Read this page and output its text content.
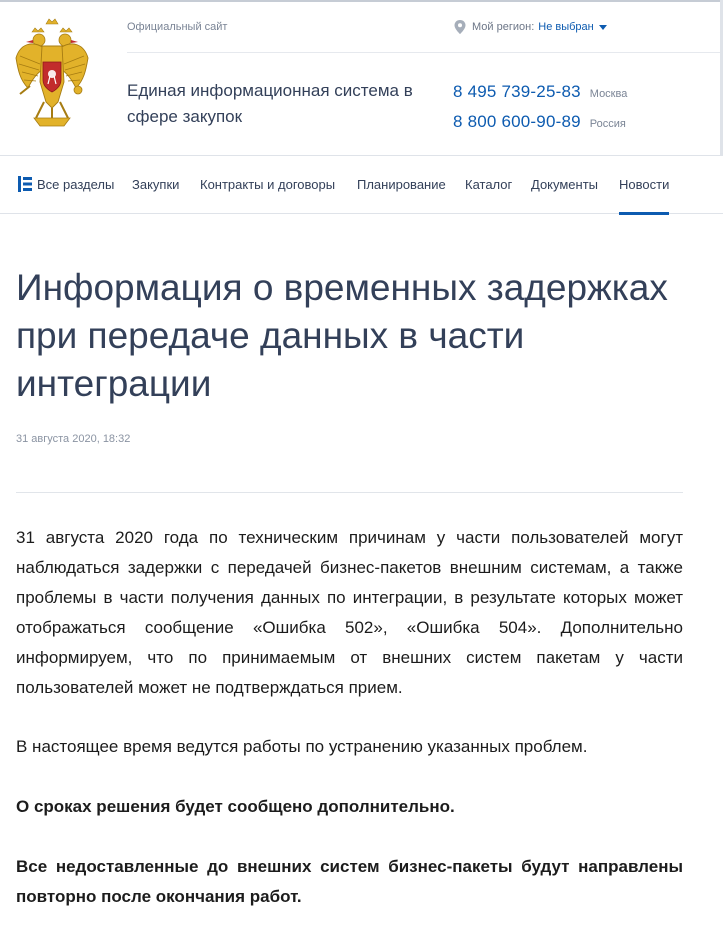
Официальный сайт	Мой регион: Не выбран
Единая информационная система в сфере закупок
8 495 739-25-83 Москва
8 800 600-90-89 Россия
Все разделы Закупки Контракты и договоры Планирование Каталог Документы Новости
Информация о временных задержках при передаче данных в части интеграции
31 августа 2020, 18:32

31 августа 2020 года по техническим причинам у части пользователей могут наблюдаться задержки с передачей бизнес-пакетов внешним системам, а также проблемы в части получения данных по интеграции, в результате которых может отображаться сообщение «Ошибка 502», «Ошибка 504». Дополнительно информируем, что по принимаемым от внешних систем пакетам у части пользователей может не подтверждаться прием.

В настоящее время ведутся работы по устранению указанных проблем.

О сроках решения будет сообщено дополнительно.

Все недоставленные до внешних систем бизнес-пакеты будут направлены повторно после окончания работ.
